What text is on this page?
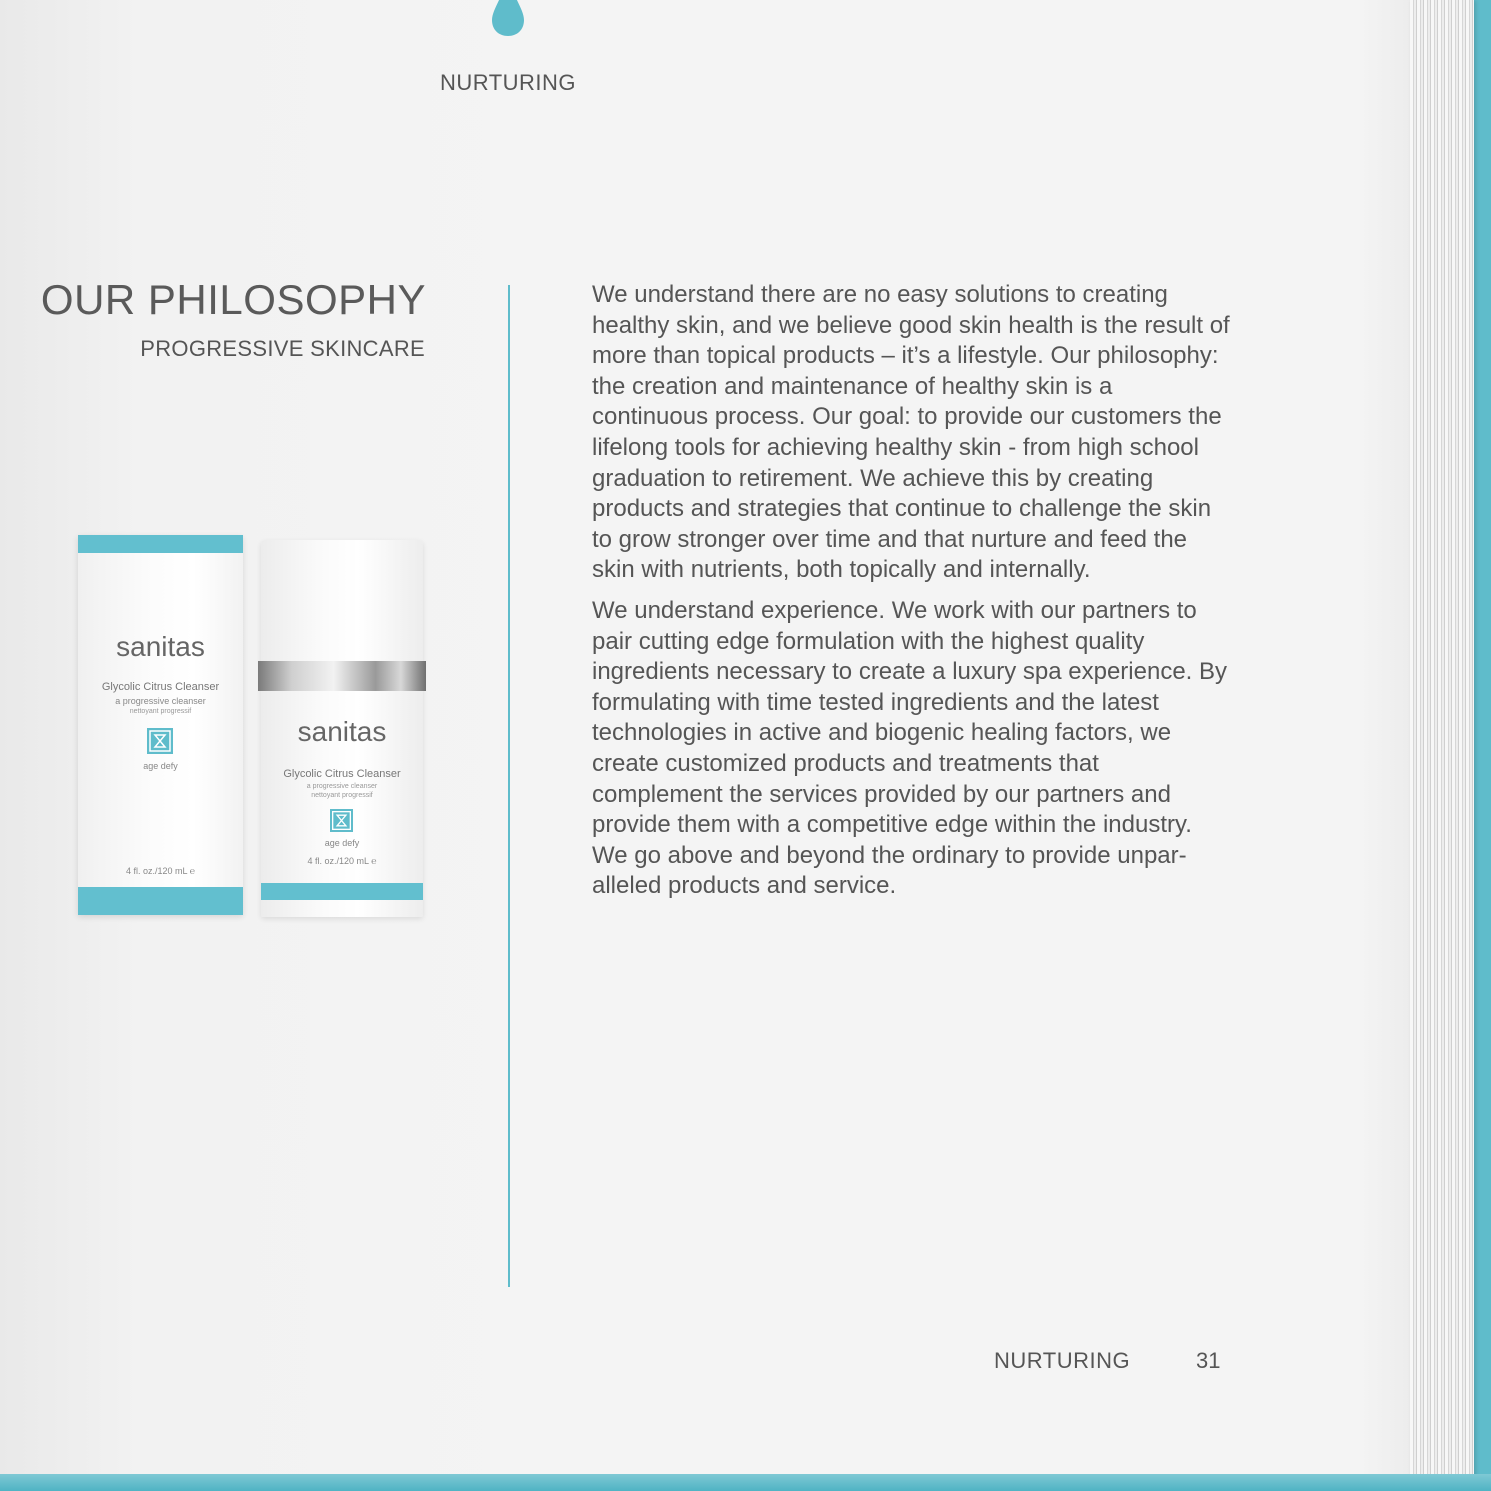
NURTURING
OUR PHILOSOPHY
PROGRESSIVE SKINCARE

We understand there are no easy solutions to creating healthy skin, and we believe good skin health is the result of more than topical products – it’s a lifestyle. Our philosophy: the creation and maintenance of healthy skin is a continuous process. Our goal: to provide our customers the lifelong tools for achieving healthy skin - from high school graduation to retirement. We achieve this by creating products and strategies that continue to challenge the skin to grow stronger over time and that nurture and feed the skin with nutrients, both topically and internally.

We understand experience. We work with our partners to pair cutting edge formulation with the highest quality ingredients necessary to create a luxury spa experience. By formulating with time tested ingredients and the latest technologies in active and biogenic healing factors, we create customized products and treatments that complement the services provided by our partners and provide them with a competitive edge within the industry. We go above and beyond the ordinary to provide unpar-alleled products and service.

sanitas
Glycolic Citrus Cleanser
a progressive cleanser
nettoyant progressif
age defy
4 fl. oz./120 mL ℮
sanitas
Glycolic Citrus Cleanser
a progressive cleanser
nettoyant progressif
age defy
4 fl. oz./120 mL ℮
NURTURING	31
